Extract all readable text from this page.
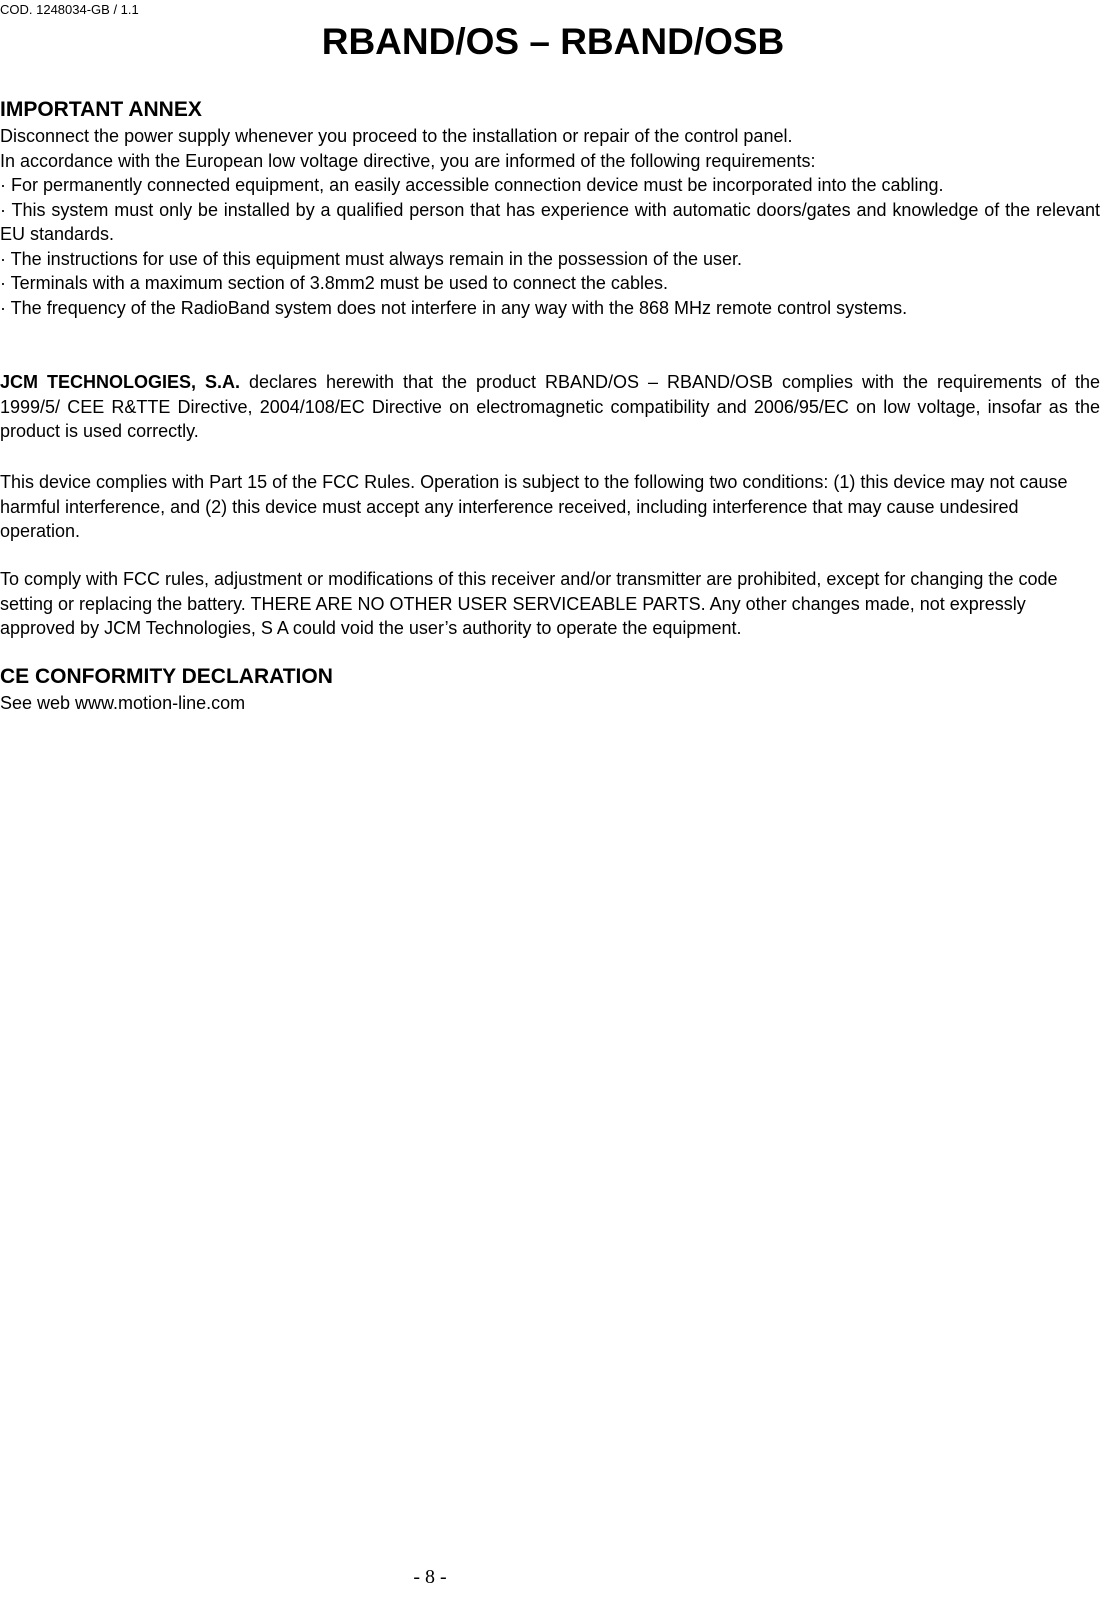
COD. 1248034-GB / 1.1
RBAND/OS – RBAND/OSB
IMPORTANT ANNEX

Disconnect the power supply whenever you proceed to the installation or repair of the control panel.

In accordance with the European low voltage directive, you are informed of the following requirements:

· For permanently connected equipment, an easily accessible connection device must be incorporated into the cabling.

· This system must only be installed by a qualified person that has experience with automatic doors/gates and knowledge of the relevant EU standards.

· The instructions for use of this equipment must always remain in the possession of the user.

· Terminals with a maximum section of 3.8mm2 must be used to connect the cables.

· The frequency of the RadioBand system does not interfere in any way with the 868 MHz remote control systems.

JCM TECHNOLOGIES, S.A. declares herewith that the product RBAND/OS – RBAND/OSB complies with the requirements of the 1999/5/ CEE R&TTE Directive, 2004/108/EC Directive on electromagnetic compatibility and 2006/95/EC on low voltage, insofar as the product is used correctly.

This device complies with Part 15 of the FCC Rules. Operation is subject to the following two conditions: (1) this device may not cause harmful interference, and (2) this device must accept any interference received, including interference that may cause undesired operation.

To comply with FCC rules, adjustment or modifications of this receiver and/or transmitter are prohibited, except for changing the code setting or replacing the battery. THERE ARE NO OTHER USER SERVICEABLE PARTS. Any other changes made, not expressly approved by JCM Technologies, S A could void the user’s authority to operate the equipment.

CE CONFORMITY DECLARATION

See web www.motion-line.com

- 8 -
